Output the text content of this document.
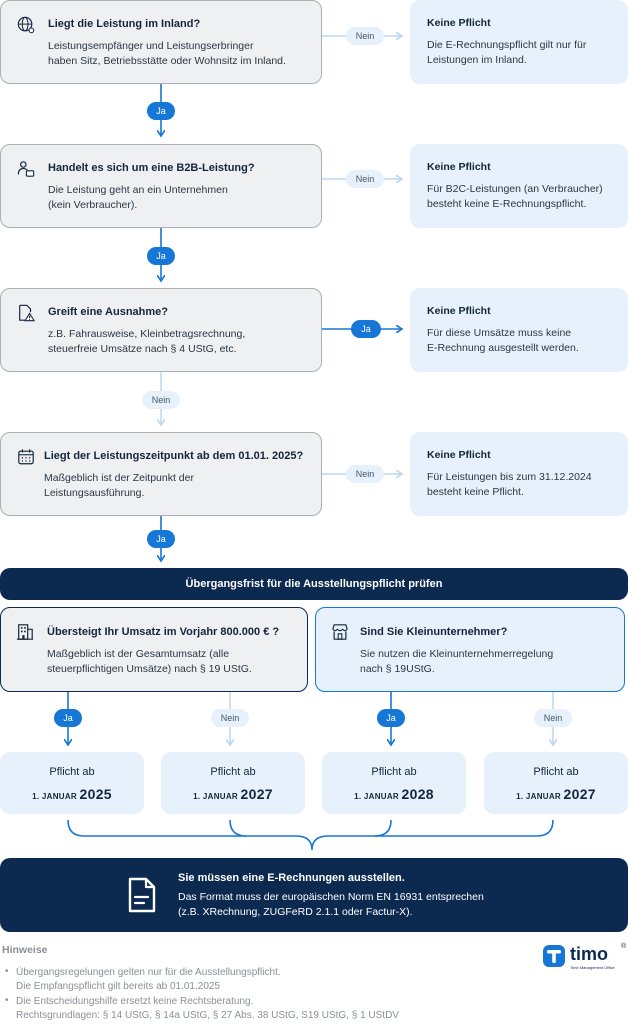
Liegt die Leistung im Inland?
Leistungsempfänger und Leistungserbringer
haben Sitz, Betriebsstätte oder Wohnsitz im Inland.
Nein
Keine Pflicht
Die E-Rechnungspflicht gilt nur für
Leistungen im Inland.
Ja
Handelt es sich um eine B2B-Leistung?
Die Leistung geht an ein Unternehmen
(kein Verbraucher).
Nein
Keine Pflicht
Für B2C-Leistungen (an Verbraucher)
besteht keine E-Rechnungspflicht.
Ja
Greift eine Ausnahme?
z.B. Fahrausweise, Kleinbetragsrechnung,
steuerfreie Umsätze nach § 4 UStG, etc.
Ja
Keine Pflicht
Für diese Umsätze muss keine
E-Rechnung ausgestellt werden.
Nein
Liegt der Leistungszeitpunkt ab dem 01.01. 2025?
Maßgeblich ist der Zeitpunkt der
Leistungsausführung.
Nein
Keine Pflicht
Für Leistungen bis zum 31.12.2024
besteht keine Pflicht.
Ja
Übergangsfrist für die Ausstellungspflicht prüfen
Übersteigt Ihr Umsatz im Vorjahr 800.000 € ?
Maßgeblich ist der Gesamtumsatz (alle
steuerpflichtigen Umsätze) nach § 19 UStG.
Sind Sie Kleinunternehmer?
Sie nutzen die Kleinunternehmerregelung
nach § 19UStG.
Ja	Nein	Ja	Nein
Pflicht ab
1. JANUAR 2025
Pflicht ab
1. JANUAR 2027
Pflicht ab
1. JANUAR 2028
Pflicht ab
1. JANUAR 2027
Sie müssen eine E-Rechnungen ausstellen.
Das Format muss der europäischen Norm EN 16931 entsprechen
(z.B. XRechnung, ZUGFeRD 2.1.1 oder Factur-X).
Hinweise
• Übergangsregelungen gelten nur für die Ausstellungspflicht.
Die Empfangspflicht gilt bereits ab 01.01.2025
• Die Entscheidungshilfe ersetzt keine Rechtsberatung.
Rechtsgrundlagen: § 14 UStG, § 14a UStG, § 27 Abs. 38 UStG, S19 UStG, § 1 UStDV
timo ®
Time Management Office
